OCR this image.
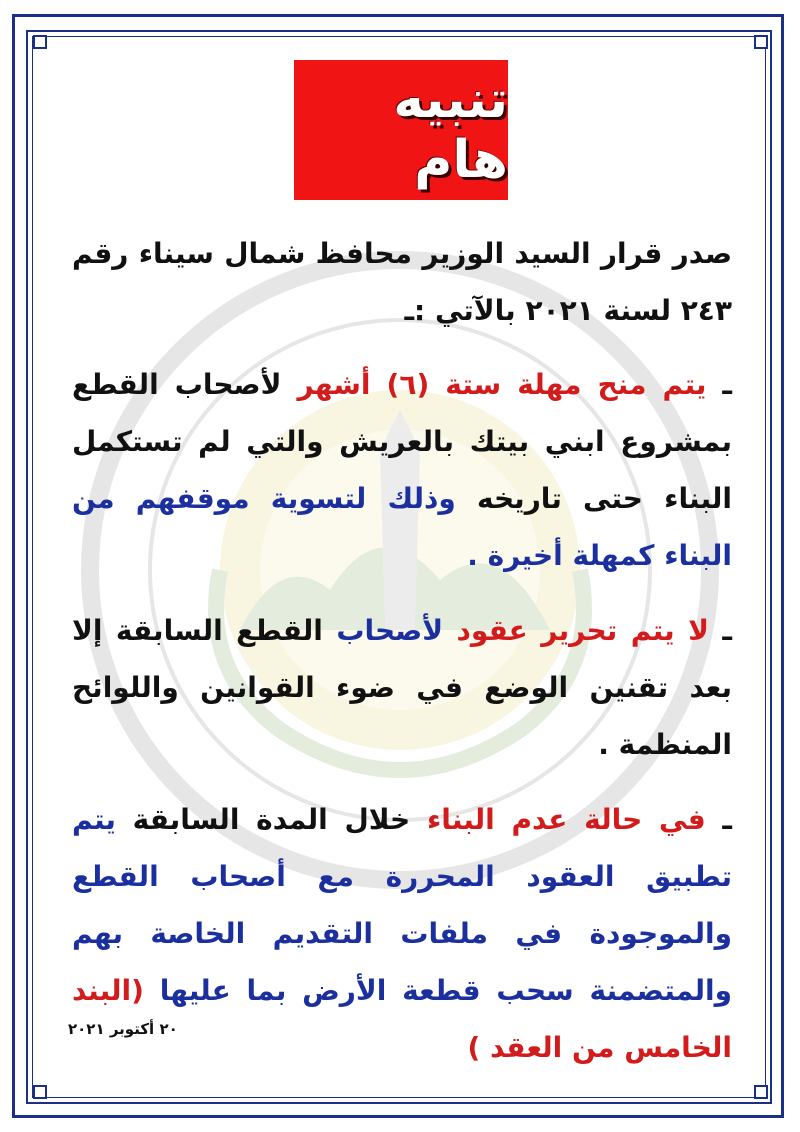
تنبيه هام

صدر قرار السيد الوزير محافظ شمال سيناء رقم ٢٤٣ لسنة ٢٠٢١ بالآتي :ـ

ـ يتم منح مهلة ستة (٦) أشهر لأصحاب القطع بمشروع ابني بيتك بالعريش والتي لم تستكمل البناء حتى تاريخه وذلك لتسوية موقفهم من البناء كمهلة أخيرة .

ـ لا يتم تحرير عقود لأصحاب القطع السابقة إلا بعد تقنين الوضع في ضوء القوانين واللوائح المنظمة .

ـ في حالة عدم البناء خلال المدة السابقة يتم تطبيق العقود المحررة مع أصحاب القطع والموجودة في ملفات التقديم الخاصة بهم والمتضمنة سحب قطعة الأرض بما عليها (البند الخامس من العقد )

٢٠ أكتوبر ٢٠٢١
